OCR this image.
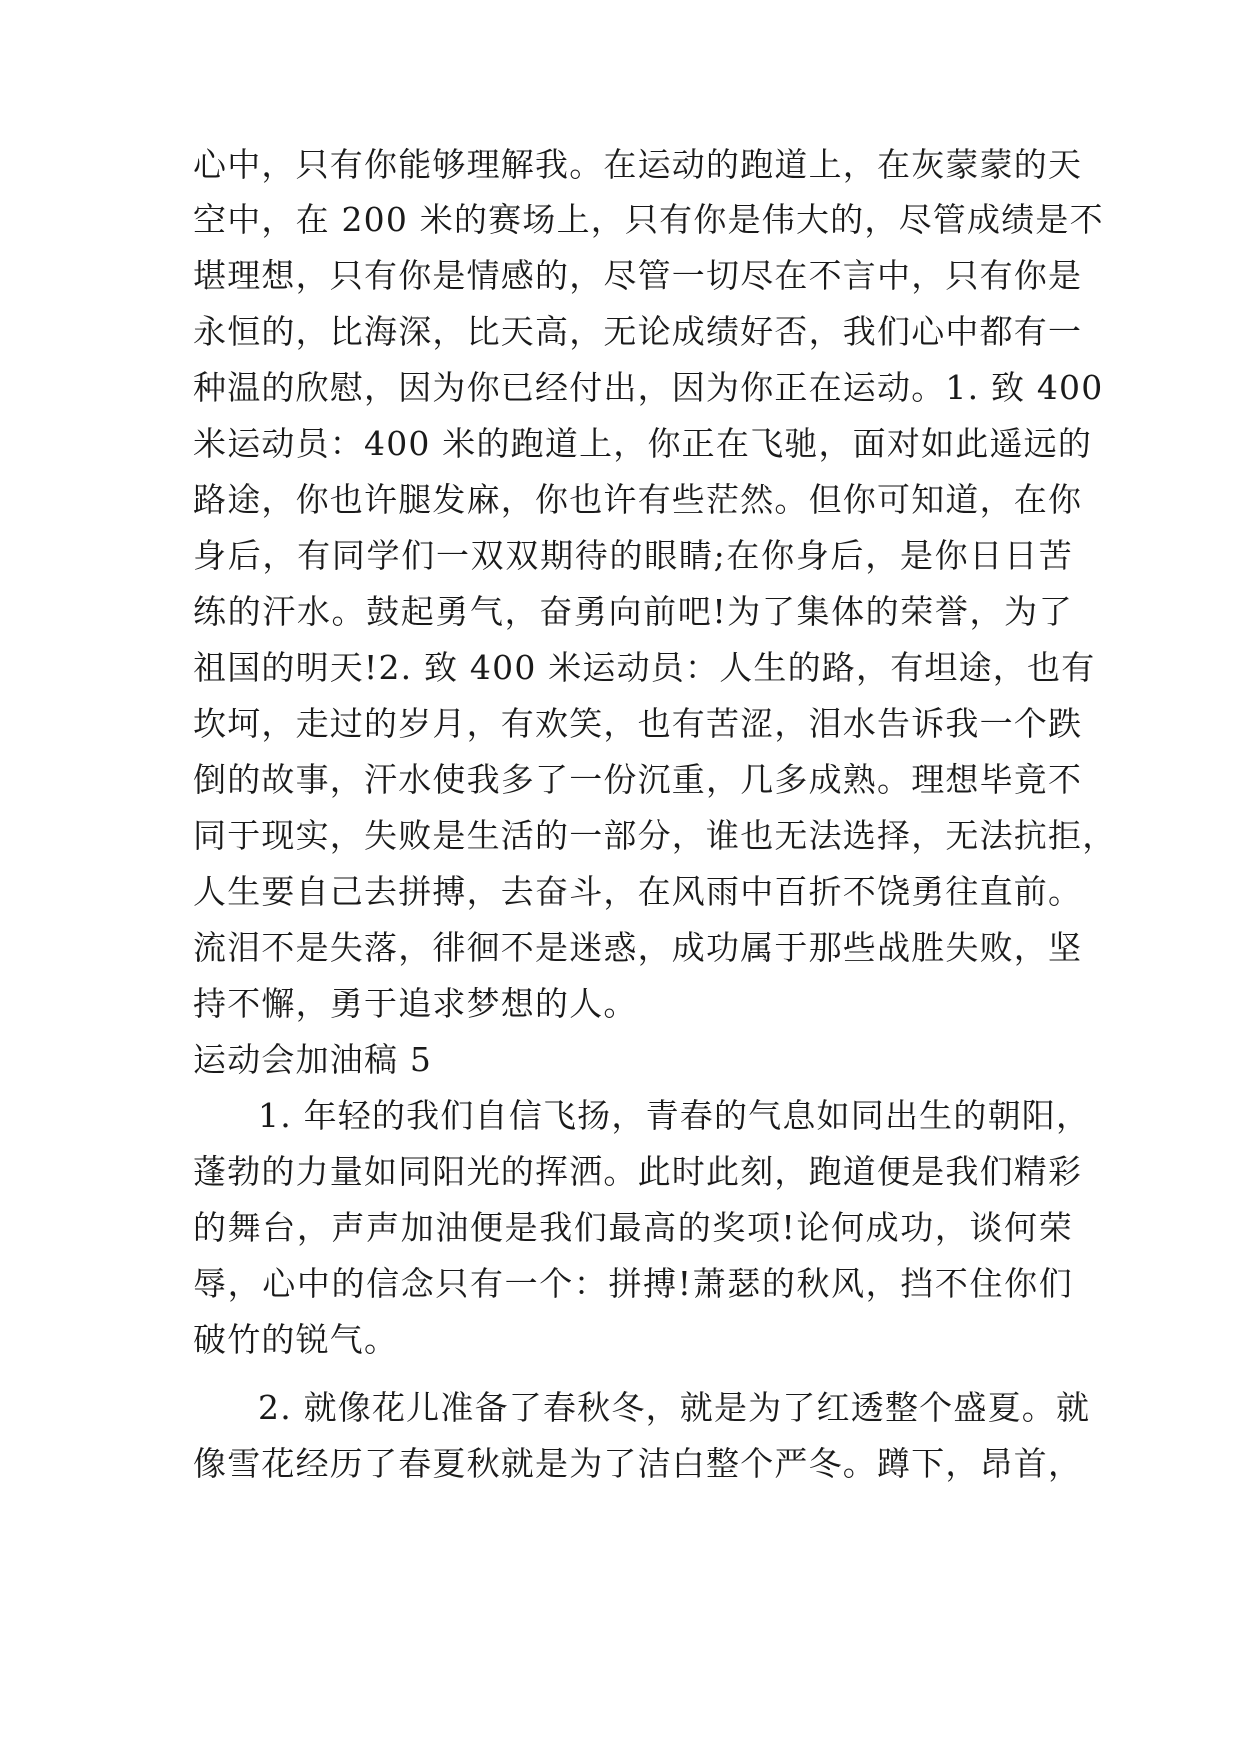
心中，只有你能够理解我。在运动的跑道上，在灰蒙蒙的天
空中，在 200 米的赛场上，只有你是伟大的，尽管成绩是不
堪理想，只有你是情感的，尽管一切尽在不言中，只有你是
永恒的，比海深，比天高，无论成绩好否，我们心中都有一
种温的欣慰，因为你已经付出，因为你正在运动。1. 致 400
米运动员：400 米的跑道上，你正在飞驰，面对如此遥远的
路途，你也许腿发麻，你也许有些茫然。但你可知道，在你
身后，有同学们一双双期待的眼睛;在你身后，是你日日苦
练的汗水。鼓起勇气，奋勇向前吧!为了集体的荣誉，为了
祖国的明天!2. 致 400 米运动员：人生的路，有坦途，也有
坎坷，走过的岁月，有欢笑，也有苦涩，泪水告诉我一个跌
倒的故事，汗水使我多了一份沉重，几多成熟。理想毕竟不
同于现实，失败是生活的一部分，谁也无法选择，无法抗拒，
人生要自己去拼搏，去奋斗，在风雨中百折不饶勇往直前。
流泪不是失落，徘徊不是迷惑，成功属于那些战胜失败，坚
持不懈，勇于追求梦想的人。
运动会加油稿 5
1. 年轻的我们自信飞扬，青春的气息如同出生的朝阳，
蓬勃的力量如同阳光的挥洒。此时此刻，跑道便是我们精彩
的舞台，声声加油便是我们最高的奖项!论何成功，谈何荣
辱，心中的信念只有一个：拼搏!萧瑟的秋风，挡不住你们
破竹的锐气。
2. 就像花儿准备了春秋冬，就是为了红透整个盛夏。就
像雪花经历了春夏秋就是为了洁白整个严冬。蹲下，昂首，
